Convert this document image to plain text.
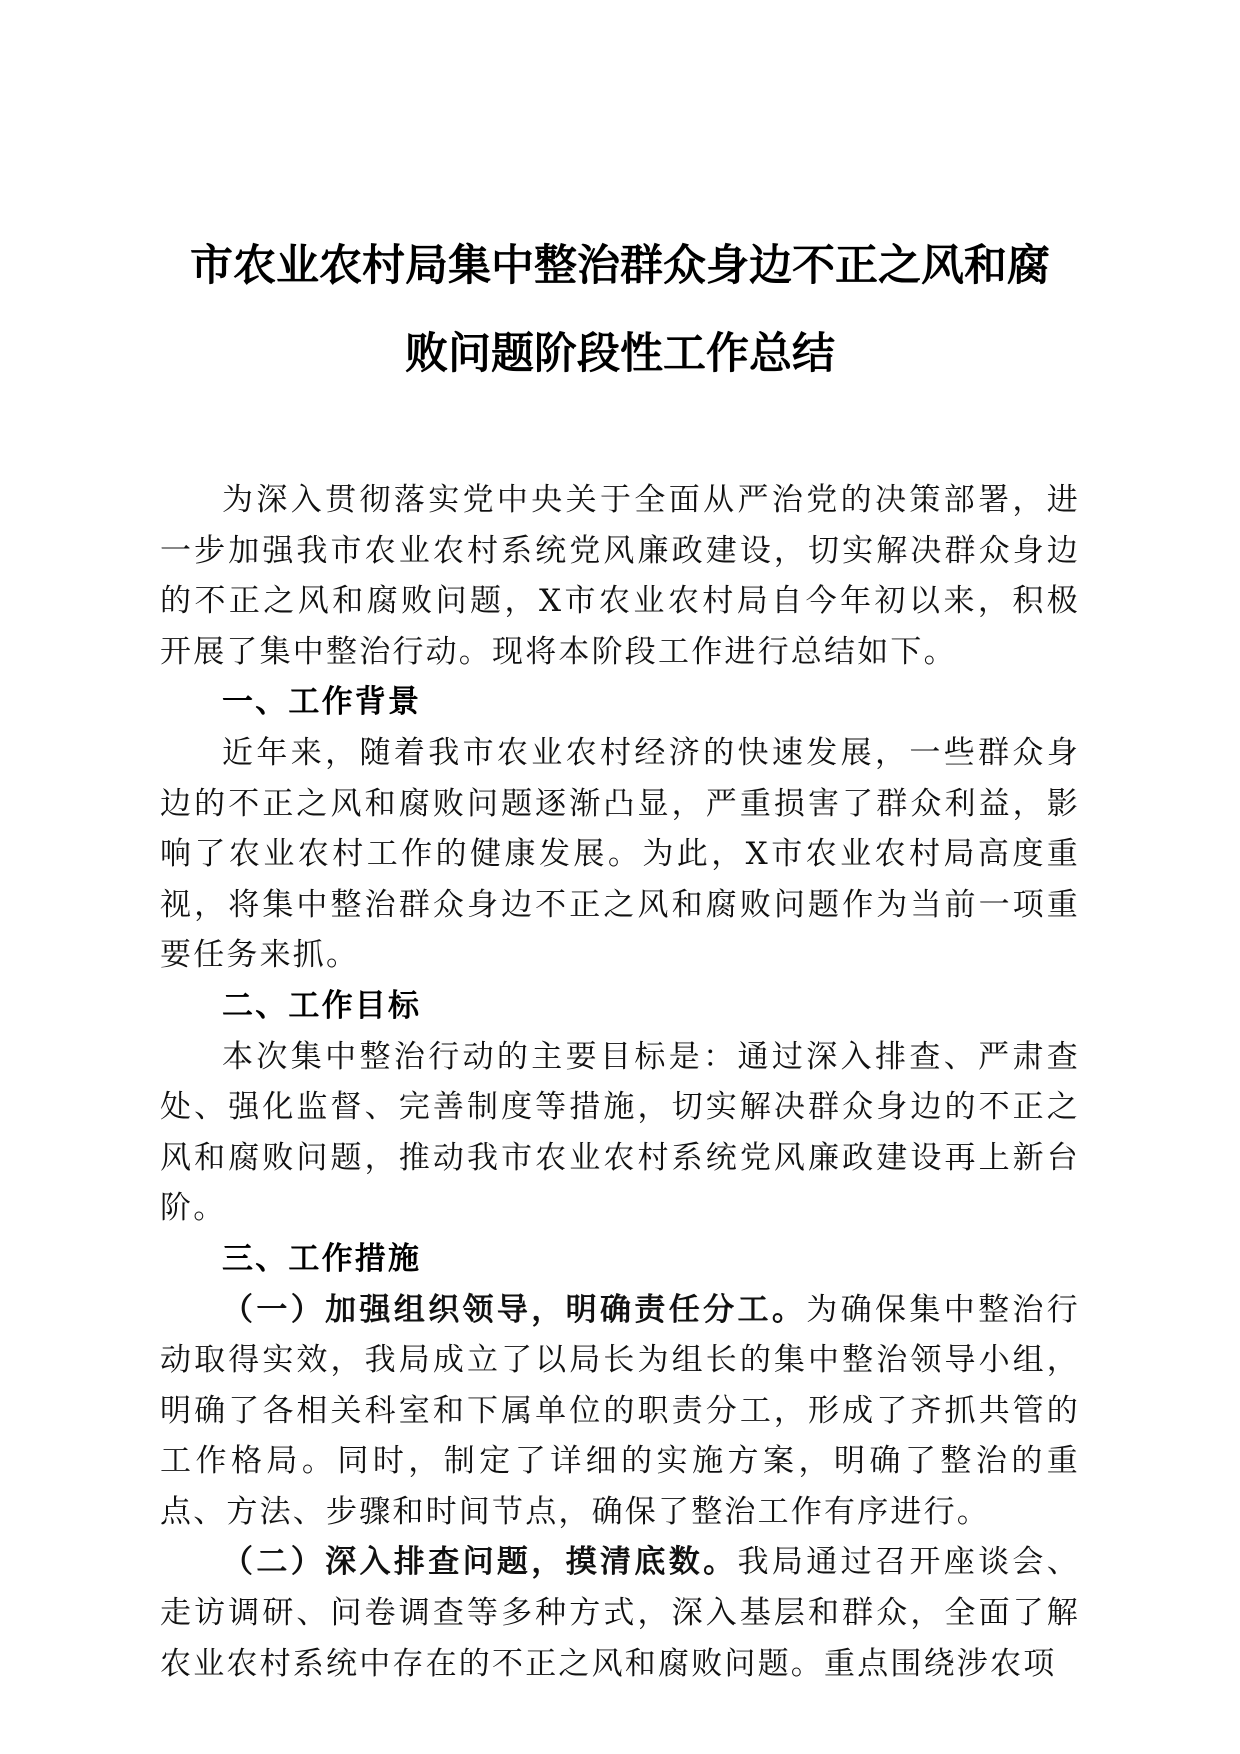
市农业农村局集中整治群众身边不正之风和腐
败问题阶段性工作总结

为深入贯彻落实党中央关于全面从严治党的决策部署，进一步加强我市农业农村系统党风廉政建设，切实解决群众身边的不正之风和腐败问题，X市农业农村局自今年初以来，积极开展了集中整治行动。现将本阶段工作进行总结如下。

一、工作背景

近年来，随着我市农业农村经济的快速发展，一些群众身边的不正之风和腐败问题逐渐凸显，严重损害了群众利益，影响了农业农村工作的健康发展。为此，X市农业农村局高度重视，将集中整治群众身边不正之风和腐败问题作为当前一项重要任务来抓。

二、工作目标

本次集中整治行动的主要目标是：通过深入排查、严肃查处、强化监督、完善制度等措施，切实解决群众身边的不正之风和腐败问题，推动我市农业农村系统党风廉政建设再上新台阶。

三、工作措施

（一）加强组织领导，明确责任分工。为确保集中整治行动取得实效，我局成立了以局长为组长的集中整治领导小组，明确了各相关科室和下属单位的职责分工，形成了齐抓共管的工作格局。同时，制定了详细的实施方案，明确了整治的重点、方法、步骤和时间节点，确保了整治工作有序进行。

（二）深入排查问题，摸清底数。我局通过召开座谈会、走访调研、问卷调查等多种方式，深入基层和群众，全面了解农业农村系统中存在的不正之风和腐败问题。重点围绕涉农项
